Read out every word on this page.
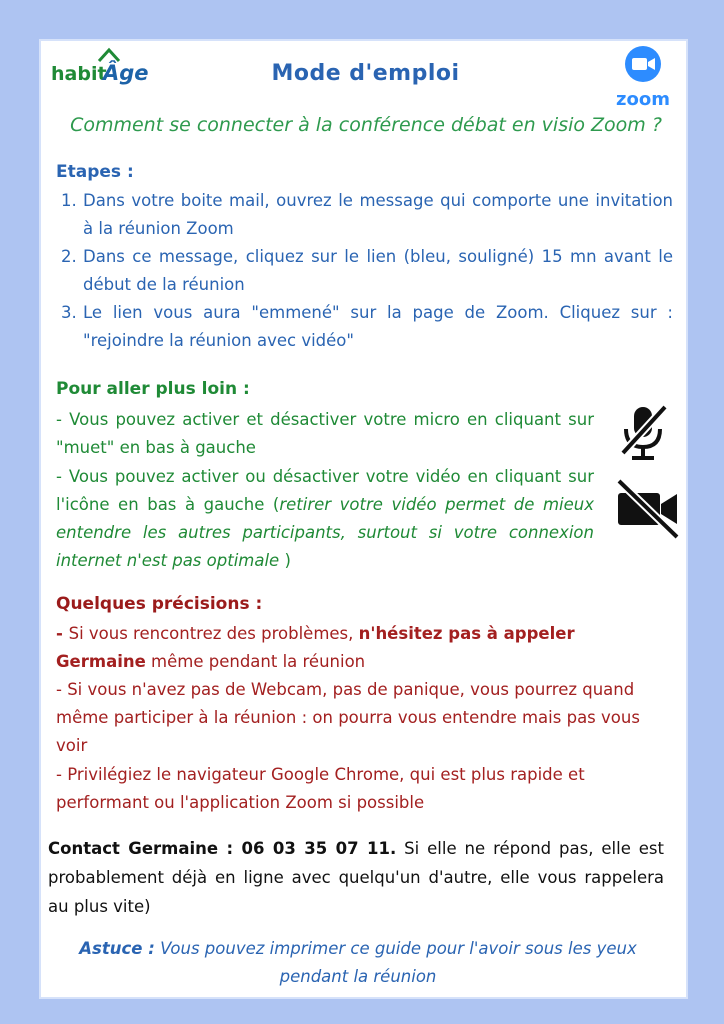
habit
Âge	Mode d'emploi
zoom
Comment se connecter à la conférence débat en visio Zoom ?
Etapes :
1. Dans votre boite mail, ouvrez le message qui comporte une invitation à la réunion Zoom
2. Dans ce message, cliquez sur le lien (bleu, souligné) 15 mn avant le début de la réunion
3. Le lien vous aura "emmené" sur la page de Zoom. Cliquez sur : "rejoindre la réunion avec vidéo"
Pour aller plus loin :
- Vous pouvez activer et désactiver votre micro en cliquant sur "muet" en bas à gauche
- Vous pouvez activer ou désactiver votre vidéo en cliquant sur l'icône en bas à gauche (retirer votre vidéo permet de mieux entendre les autres participants, surtout si votre connexion internet n'est pas optimale )
Quelques précisions :
- Si vous rencontrez des problèmes, n'hésitez pas à appeler Germaine même pendant la réunion
- Si vous n'avez pas de Webcam, pas de panique, vous pourrez quand même participer à la réunion : on pourra vous entendre mais pas vous voir
- Privilégiez le navigateur Google Chrome, qui est plus rapide et performant ou l'application Zoom si possible
Contact Germaine : 06 03 35 07 11. Si elle ne répond pas, elle est probablement déjà en ligne avec quelqu'un d'autre, elle vous rappelera au plus vite)
Astuce : Vous pouvez imprimer ce guide pour l'avoir sous les yeux pendant la réunion
